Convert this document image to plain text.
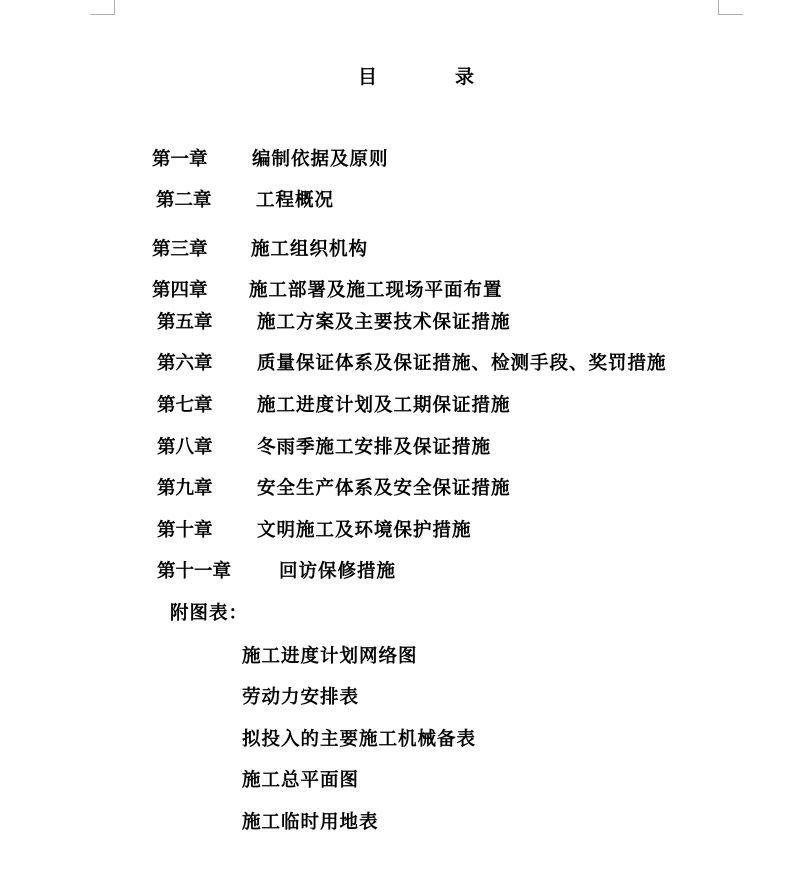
目	录
第一章 编制依据及原则
第二章 工程概况
第三章 施工组织机构
第四章 施工部署及施工现场平面布置
第五章 施工方案及主要技术保证措施
第六章 质量保证体系及保证措施、检测手段、奖罚措施
第七章 施工进度计划及工期保证措施
第八章 冬雨季施工安排及保证措施
第九章 安全生产体系及安全保证措施
第十章 文明施工及环境保护措施
第十一章	回访保修措施
附图表：
施工进度计划网络图
劳动力安排表
拟投入的主要施工机械备表
施工总平面图
施工临时用地表
